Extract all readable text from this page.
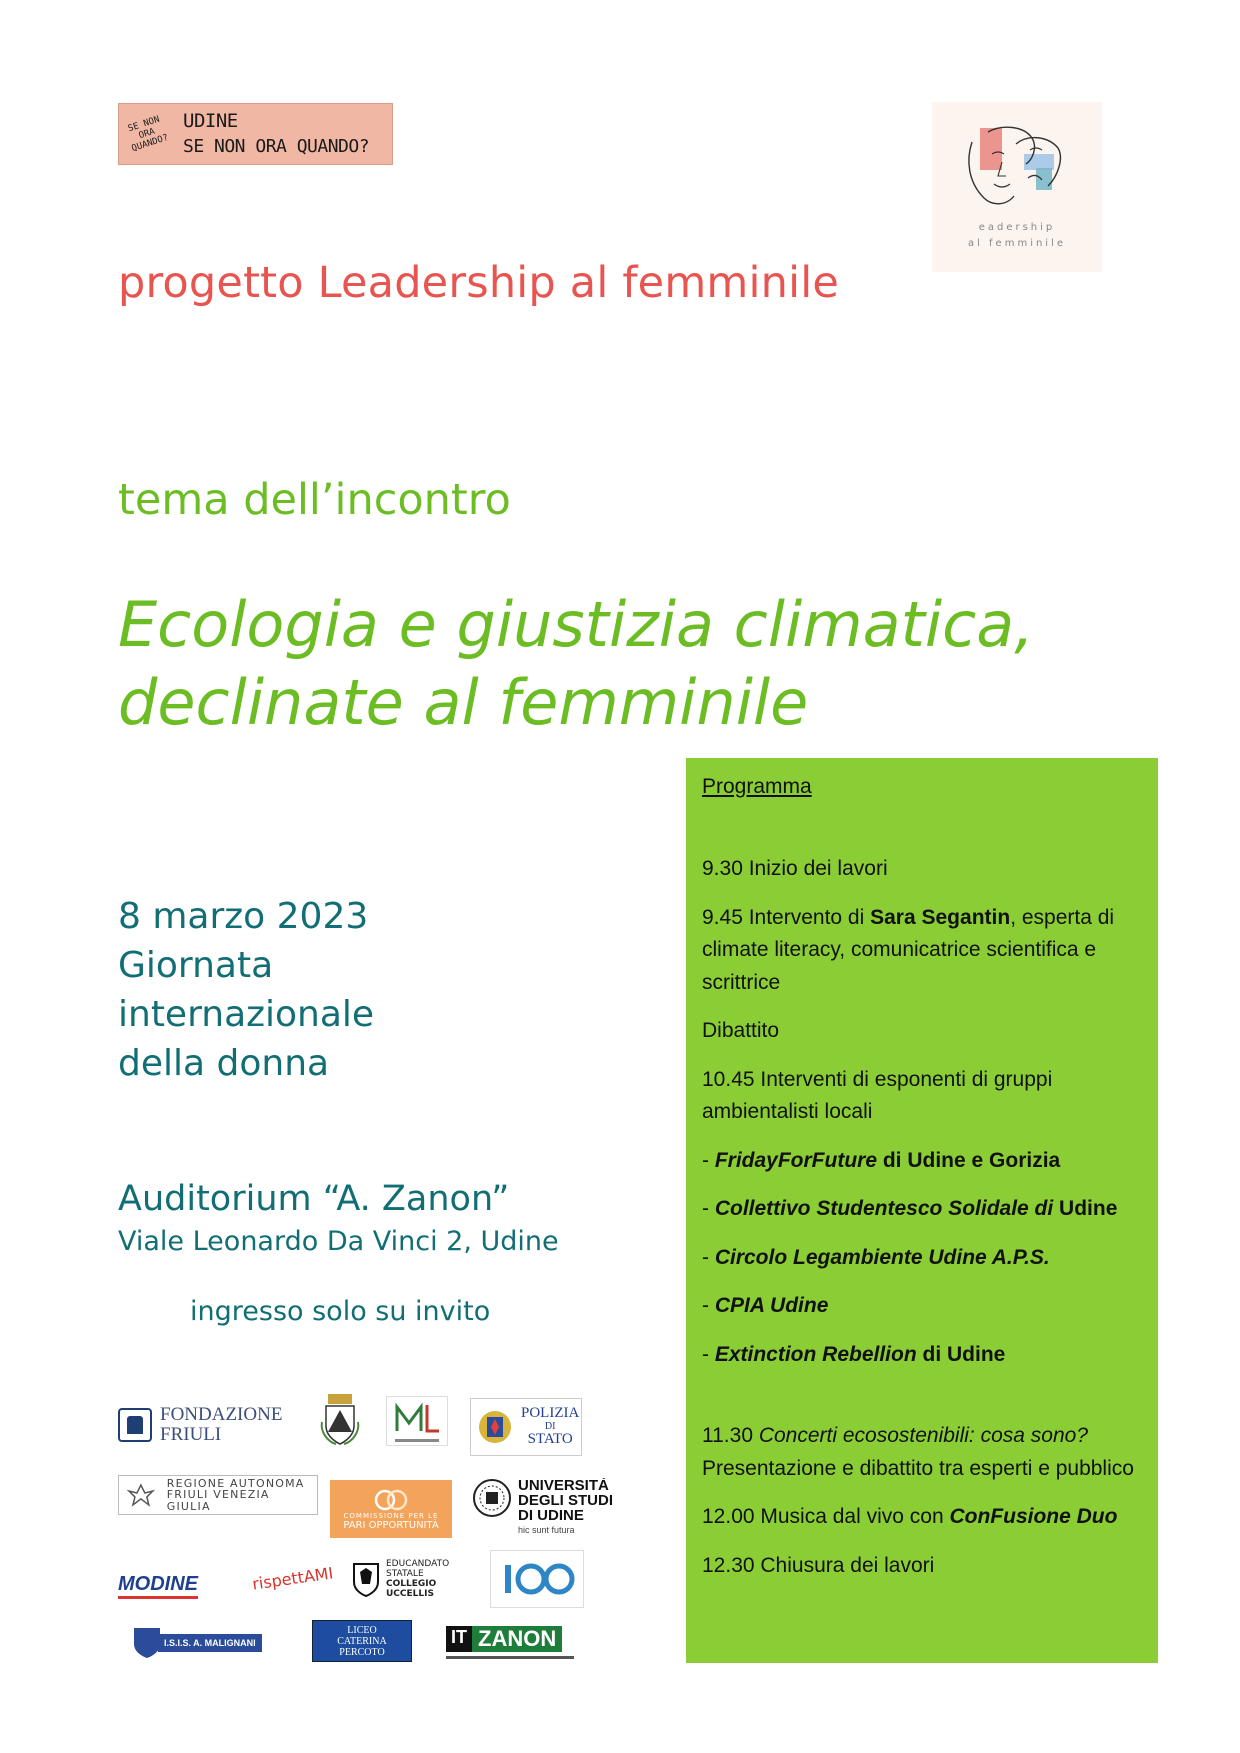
SE NON ORA QUANDO?
UDINE
SE NON ORA QUANDO?
eadership
al femminile
progetto Leadership al femminile
tema dell’incontro
Ecologia e giustizia climatica,
declinate al femminile
8 marzo 2023
Giornata
internazionale
della donna
Auditorium “A. Zanon”
Viale Leonardo Da Vinci 2, Udine
ingresso solo su invito
Programma
9.30 Inizio dei lavori
9.45 Intervento di Sara Segantin, esperta di climate literacy, comunicatrice scientifica e scrittrice
Dibattito
10.45 Interventi di esponenti di gruppi ambientalisti locali
- FridayForFuture di Udine e Gorizia
- Collettivo Studentesco Solidale di Udine
- Circolo Legambiente Udine A.P.S.
- CPIA Udine
- Extinction Rebellion di Udine
11.30 Concerti ecosostenibili: cosa sono? Presentazione e dibattito tra esperti e pubblico
12.00 Musica dal vivo con ConFusione Duo
12.30 Chiusura dei lavori
FONDAZIONE
FRIULI
POLIZIA
DI
STATO
REGIONE AUTONOMA
FRIULI VENEZIA GIULIA
COMMISSIONE PER LE
PARI OPPORTUNITÀ
UNIVERSITÀ
DEGLI STUDI
DI UDINE
hic sunt futura
MODINE	rispettAMI	EDUCANDATO
STATALE
COLLEGIO
UCCELLIS
I.S.I.S. A. MALIGNANI
LICEO
CATERINA
PERCOTO
IT ZANON
